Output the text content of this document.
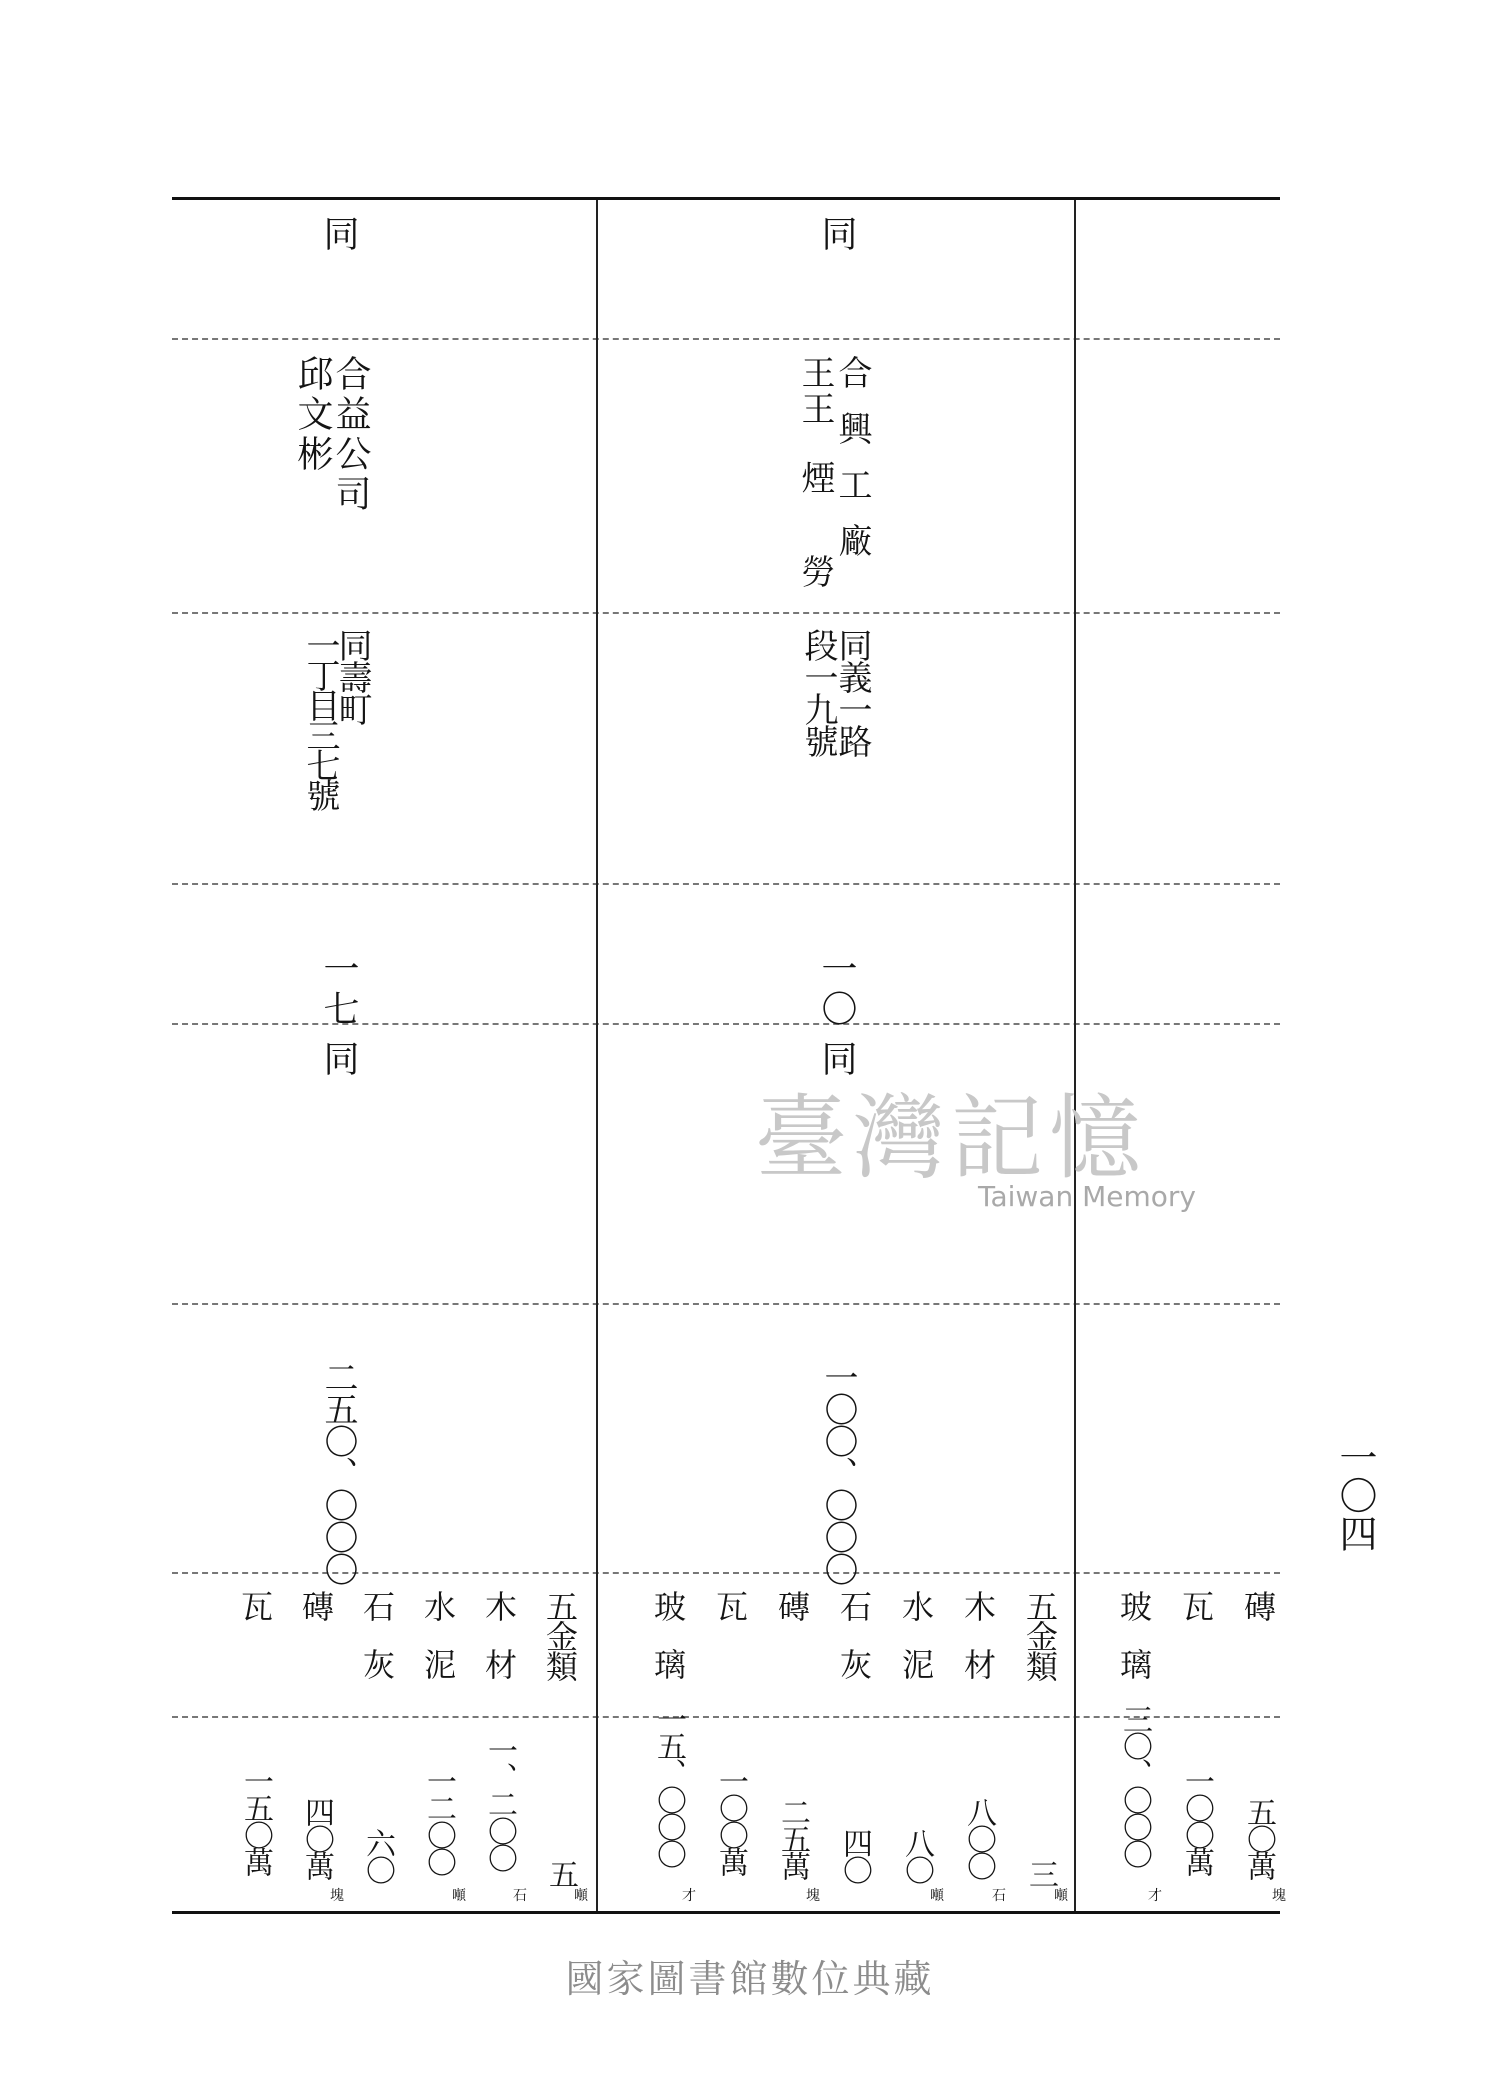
同
合益公司
邱文彬
同壽町
一丁目三七號
一七
同
二五〇、〇〇〇
五金類
五
噸
木材
一、二〇〇
石
水泥
一二〇〇
噸
石灰
六〇
磚
四〇萬
塊
瓦
一五〇萬
五金類
三
噸
木材
八〇〇
石
水泥
八〇
噸
石灰
四〇
磚
二五萬
塊
瓦
一〇〇萬
玻璃
一五、〇〇〇
才
磚
五〇萬
塊
瓦
一〇〇萬
玻璃
三〇、〇〇〇
才
同
合興工廠
王王
煙勞
同義一路
段一九號
一〇
同
一〇〇、〇〇〇
臺灣記憶
Taiwan Memory
一〇四
國家圖書館數位典藏
